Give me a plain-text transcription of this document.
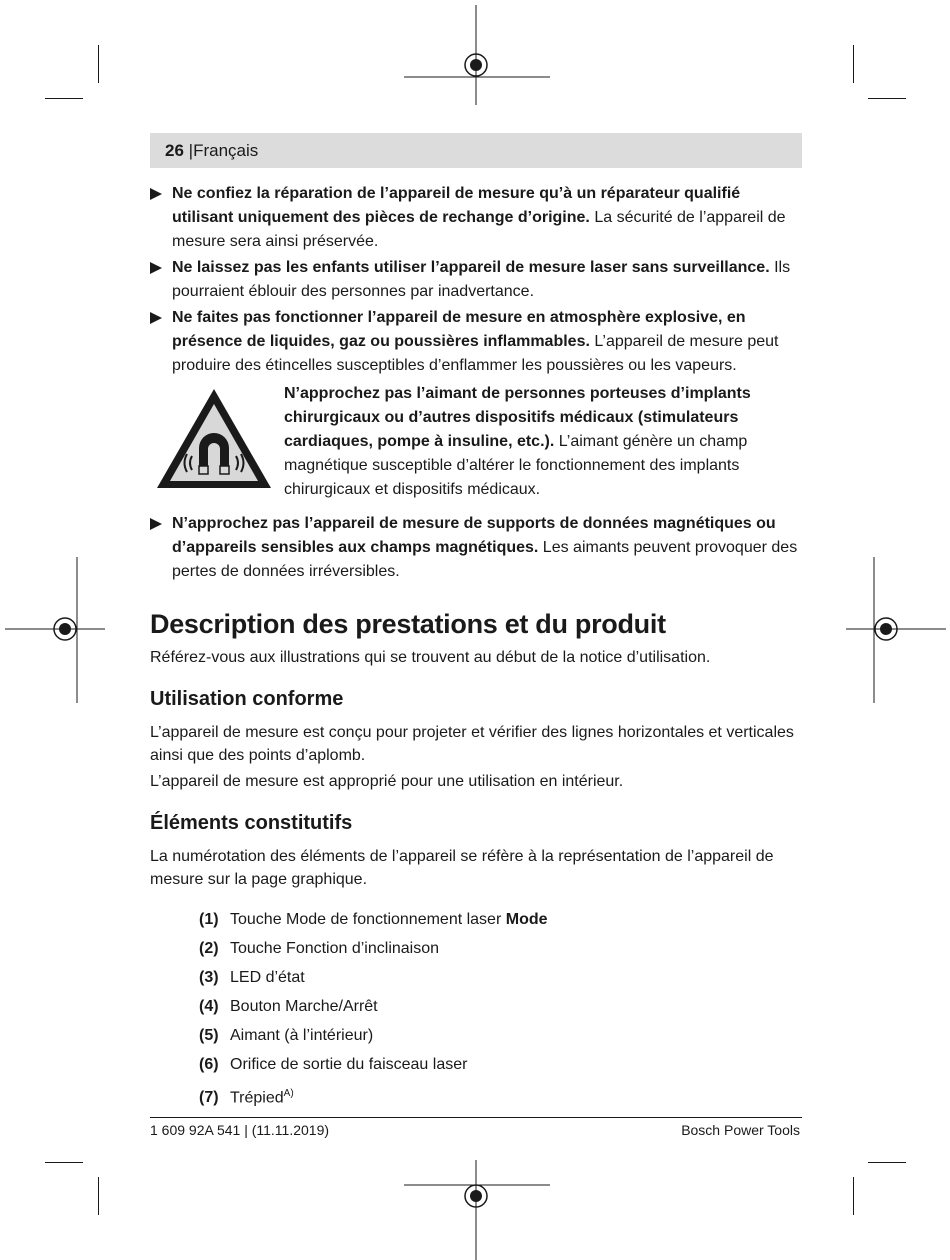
26 |Français

Ne confiez la réparation de l’appareil de mesure qu’à un réparateur qualifié utilisant uniquement des pièces de rechange d’origine. La sécurité de l’appareil de mesure sera ainsi préservée.

Ne laissez pas les enfants utiliser l’appareil de mesure laser sans surveillance. Ils pourraient éblouir des personnes par inadvertance.

Ne faites pas fonctionner l’appareil de mesure en atmosphère explosive, en présence de liquides, gaz ou poussières inflammables. L’appareil de mesure peut produire des étincelles susceptibles d’enflammer les poussières ou les vapeurs.

N’approchez pas l’aimant de personnes porteuses d’implants chirurgicaux ou d’autres dispositifs médicaux (stimulateurs cardiaques, pompe à insuline, etc.). L’aimant génère un champ magnétique susceptible d’altérer le fonctionnement des implants chirurgicaux et dispositifs médicaux.

N’approchez pas l’appareil de mesure de supports de données magnétiques ou d’appareils sensibles aux champs magnétiques. Les aimants peuvent provoquer des pertes de données irréversibles.

Description des prestations et du produit

Référez-vous aux illustrations qui se trouvent au début de la notice d’utilisation.

Utilisation conforme

L’appareil de mesure est conçu pour projeter et vérifier des lignes horizontales et verticales ainsi que des points d’aplomb.

L’appareil de mesure est approprié pour une utilisation en intérieur.

Éléments constitutifs

La numérotation des éléments de l’appareil se réfère à la représentation de l’appareil de mesure sur la page graphique.

(1) Touche Mode de fonctionnement laser Mode
(2) Touche Fonction d’inclinaison
(3) LED d’état
(4) Bouton Marche/Arrêt
(5) Aimant (à l’intérieur)
(6) Orifice de sortie du faisceau laser
(7) Trépied$^{A)}$
1 609 92A 541 | (11.11.2019)	Bosch Power Tools
